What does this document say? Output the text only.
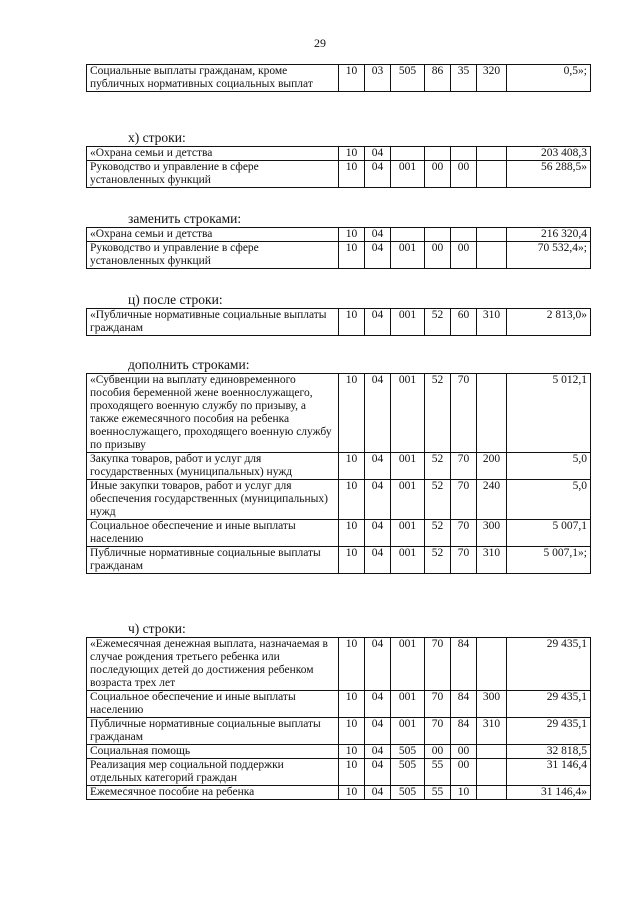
29
Социальные выплаты гражданам, кроме публичных нормативных социальных выплат	10	03	505	86	35	320	0,5»;
х) строки:
«Охрана семьи и детства	10	04					203 408,3
Руководство и управление в сфере установленных функций	10	04	001	00	00		56 288,5»
заменить строками:
«Охрана семьи и детства	10	04					216 320,4
Руководство и управление в сфере установленных функций	10	04	001	00	00		70 532,4»;
ц) после строки:
«Публичные нормативные социальные выплаты гражданам	10	04	001	52	60	310	2 813,0»
дополнить строками:
«Субвенции на выплату единовременного пособия беременной жене военнослужащего, проходящего военную службу по призыву, а также ежемесячного пособия на ребенка военнослужащего, проходящего военную службу по призыву	10	04	001	52	70		5 012,1
Закупка товаров, работ и услуг для государственных (муниципальных) нужд	10	04	001	52	70	200	5,0
Иные закупки товаров, работ и услуг для обеспечения государственных (муниципальных) нужд	10	04	001	52	70	240	5,0
Социальное обеспечение и иные выплаты населению	10	04	001	52	70	300	5 007,1
Публичные нормативные социальные выплаты гражданам	10	04	001	52	70	310	5 007,1»;
ч) строки:
«Ежемесячная денежная выплата, назначаемая в случае рождения третьего ребенка или последующих детей до достижения ребенком возраста трех лет	10	04	001	70	84		29 435,1
Социальное обеспечение и иные выплаты населению	10	04	001	70	84	300	29 435,1
Публичные нормативные социальные выплаты гражданам	10	04	001	70	84	310	29 435,1
Социальная помощь	10	04	505	00	00		32 818,5
Реализация мер социальной поддержки отдельных категорий граждан	10	04	505	55	00		31 146,4
Ежемесячное пособие на ребенка	10	04	505	55	10		31 146,4»
